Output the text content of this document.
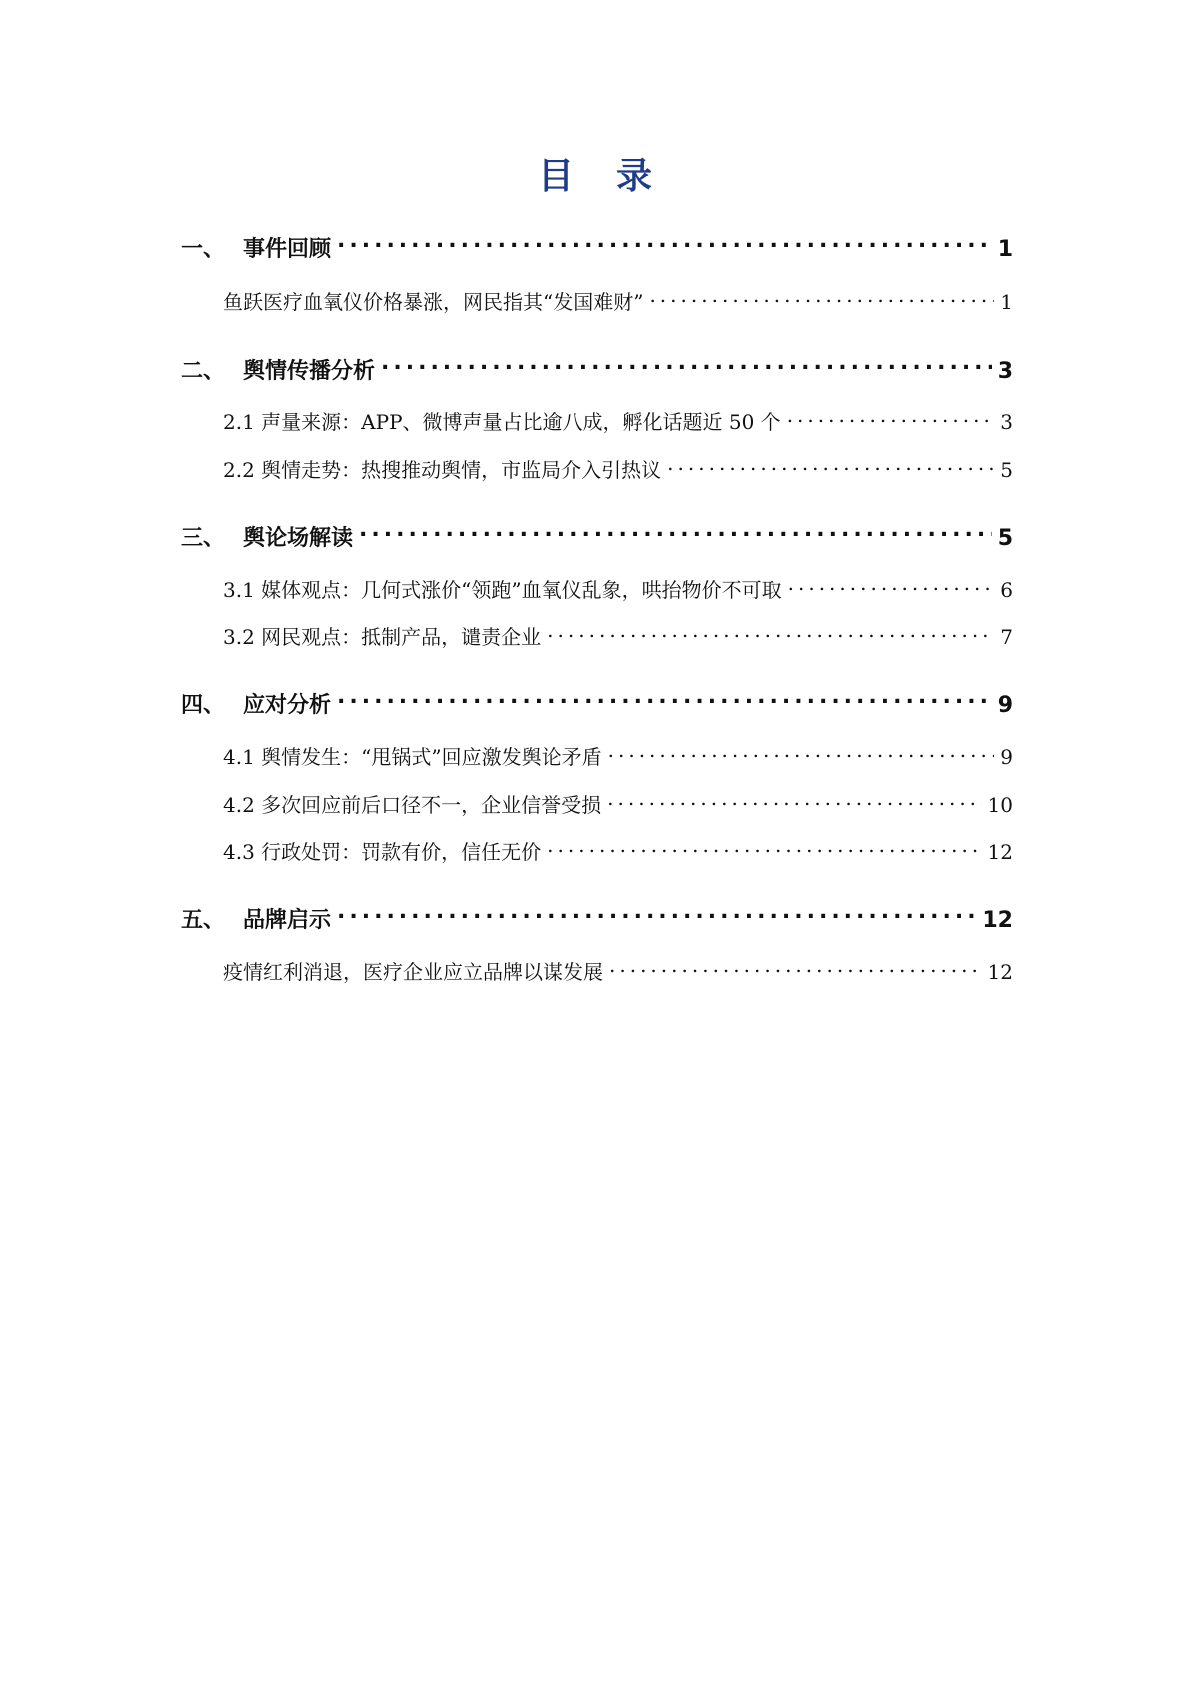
目 录
一、 事件回顾 .....	1
鱼跃医疗血氧仪价格暴涨，网民指其“发国难财” .....	1
二、 舆情传播分析 .....	3
2.1 声量来源：APP、微博声量占比逾八成，孵化话题近 50 个 .....	3
2.2 舆情走势：热搜推动舆情，市监局介入引热议 .....	5
三、 舆论场解读 .....	5
3.1 媒体观点：几何式涨价“领跑”血氧仪乱象，哄抬物价不可取 .....	6
3.2 网民观点：抵制产品，谴责企业 .....	7
四、 应对分析 .....	9
4.1 舆情发生：“甩锅式”回应激发舆论矛盾 .....	9
4.2 多次回应前后口径不一，企业信誉受损 .....	10
4.3 行政处罚：罚款有价，信任无价 .....	12
五、 品牌启示 .....	12
疫情红利消退，医疗企业应立品牌以谋发展 .....	12
